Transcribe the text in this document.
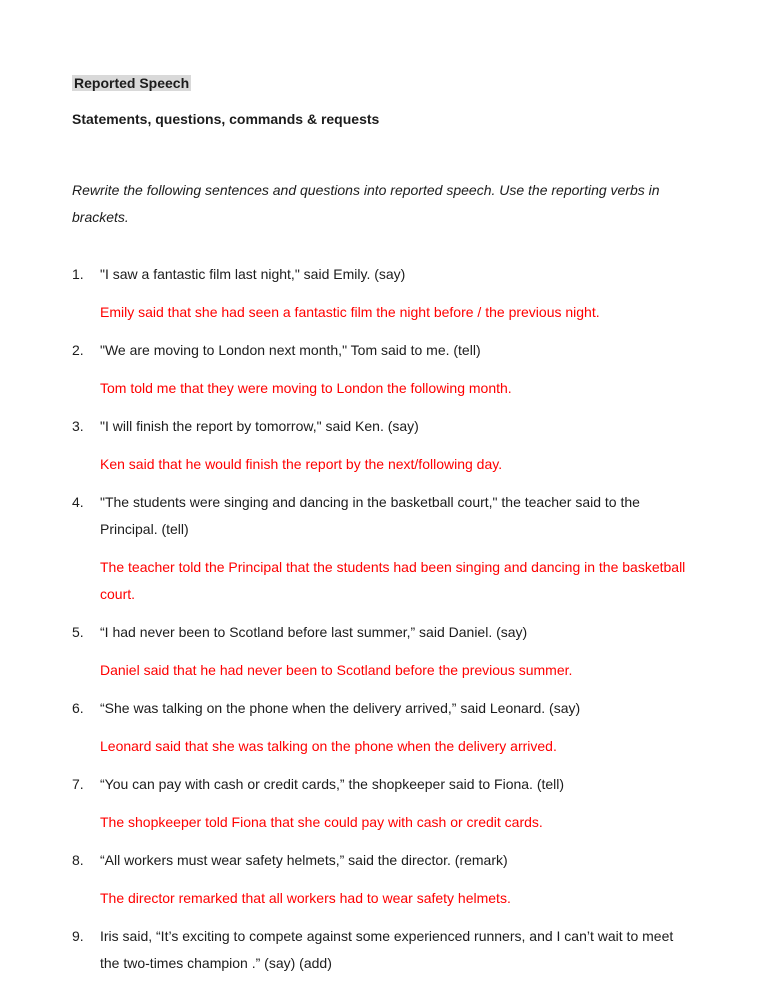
Reported Speech
Statements, questions, commands & requests
Rewrite the following sentences and questions into reported speech. Use the reporting verbs in brackets.
1.	"I saw a fantastic film last night," said Emily. (say)
Emily said that she had seen a fantastic film the night before / the previous night.
2.	"We are moving to London next month," Tom said to me. (tell)
Tom told me that they were moving to London the following month.
3.	"I will finish the report by tomorrow," said Ken. (say)
Ken said that he would finish the report by the next/following day.
4.	"The students were singing and dancing in the basketball court," the teacher said to the Principal. (tell)
The teacher told the Principal that the students had been singing and dancing in the basketball court.
5.	“I had never been to Scotland before last summer,” said Daniel. (say)
Daniel said that he had never been to Scotland before the previous summer.
6.	“She was talking on the phone when the delivery arrived,” said Leonard. (say)
Leonard said that she was talking on the phone when the delivery arrived.
7.	“You can pay with cash or credit cards,” the shopkeeper said to Fiona. (tell)
The shopkeeper told Fiona that she could pay with cash or credit cards.
8.	“All workers must wear safety helmets,” said the director. (remark)
The director remarked that all workers had to wear safety helmets.
9.	Iris said, “It’s exciting to compete against some experienced runners, and I can’t wait to meet the two-times champion .” (say) (add)
